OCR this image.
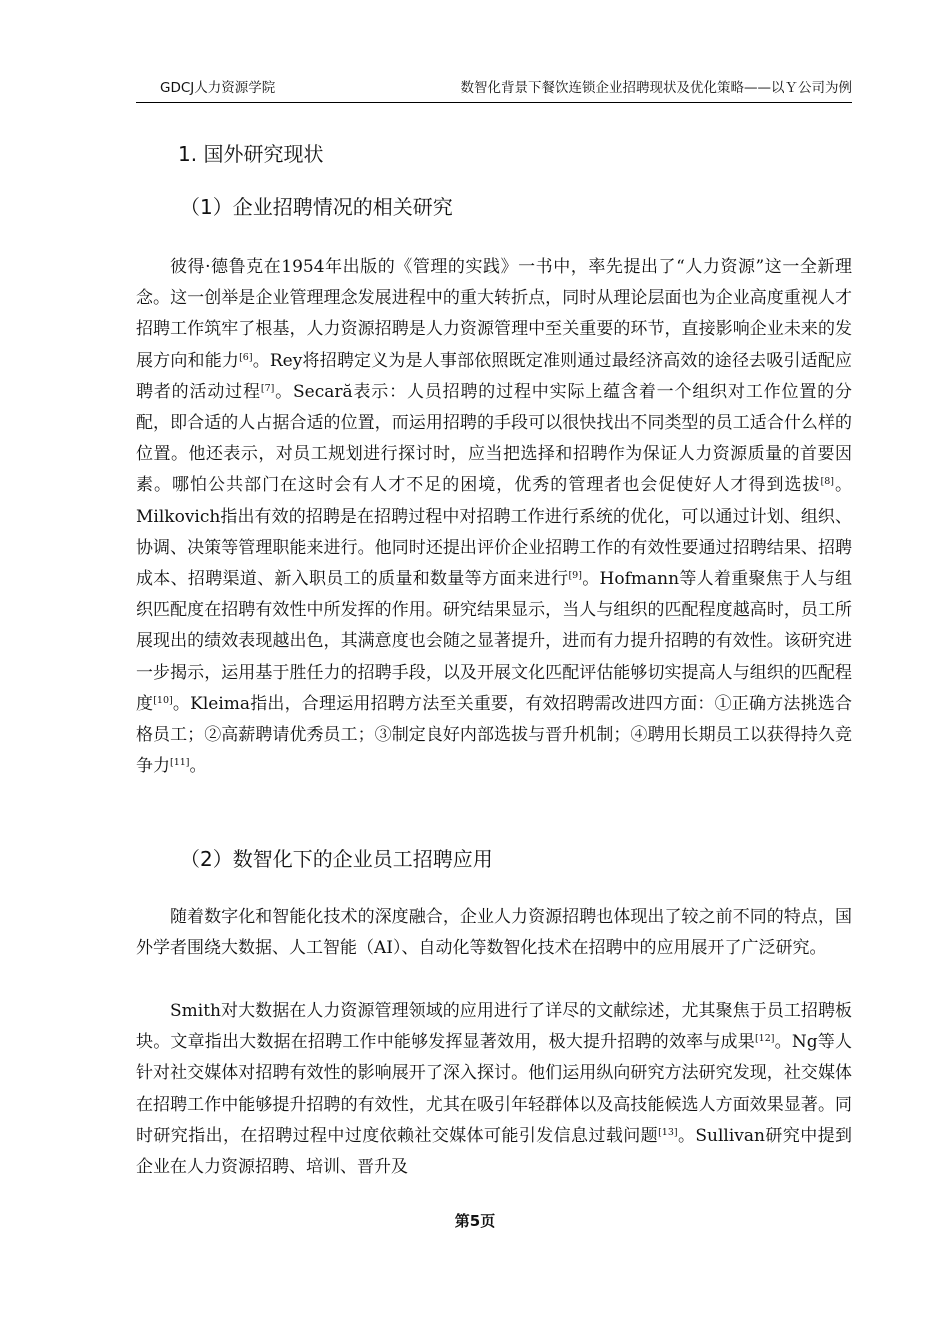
GDCJ人力资源学院	数智化背景下餐饮连锁企业招聘现状及优化策略——以Ｙ公司为例
1. 国外研究现状
（1）企业招聘情况的相关研究

彼得·德鲁克在1954年出版的《管理的实践》一书中，率先提出了“人力资源”这一全新理念。这一创举是企业管理理念发展进程中的重大转折点，同时从理论层面也为企业高度重视人才招聘工作筑牢了根基，人力资源招聘是人力资源管理中至关重要的环节，直接影响企业未来的发展方向和能力[6]。Rey将招聘定义为是人事部依照既定准则通过最经济高效的途径去吸引适配应聘者的活动过程[7]。Secară表示：人员招聘的过程中实际上蕴含着一个组织对工作位置的分配，即合适的人占据合适的位置，而运用招聘的手段可以很快找出不同类型的员工适合什么样的位置。他还表示，对员工规划进行探讨时，应当把选择和招聘作为保证人力资源质量的首要因素。哪怕公共部门在这时会有人才不足的困境，优秀的管理者也会促使好人才得到选拔[8]。Milkovich指出有效的招聘是在招聘过程中对招聘工作进行系统的优化，可以通过计划、组织、协调、决策等管理职能来进行。他同时还提出评价企业招聘工作的有效性要通过招聘结果、招聘成本、招聘渠道、新入职员工的质量和数量等方面来进行[9]。Hofmann等人着重聚焦于人与组织匹配度在招聘有效性中所发挥的作用。研究结果显示，当人与组织的匹配程度越高时，员工所展现出的绩效表现越出色，其满意度也会随之显著提升，进而有力提升招聘的有效性。该研究进一步揭示，运用基于胜任力的招聘手段，以及开展文化匹配评估能够切实提高人与组织的匹配程度[10]。Kleima指出，合理运用招聘方法至关重要，有效招聘需改进四方面：①正确方法挑选合格员工；②高薪聘请优秀员工；③制定良好内部选拔与晋升机制；④聘用长期员工以获得持久竞争力[11]。

（2）数智化下的企业员工招聘应用

随着数字化和智能化技术的深度融合，企业人力资源招聘也体现出了较之前不同的特点，国外学者围绕大数据、人工智能（AI）、自动化等数智化技术在招聘中的应用展开了广泛研究。

Smith对大数据在人力资源管理领域的应用进行了详尽的文献综述，尤其聚焦于员工招聘板块。文章指出大数据在招聘工作中能够发挥显著效用，极大提升招聘的效率与成果[12]。Ng等人针对社交媒体对招聘有效性的影响展开了深入探讨。他们运用纵向研究方法研究发现，社交媒体在招聘工作中能够提升招聘的有效性，尤其在吸引年轻群体以及高技能候选人方面效果显著。同时研究指出，在招聘过程中过度依赖社交媒体可能引发信息过载问题[13]。Sullivan研究中提到企业在人力资源招聘、培训、晋升及

第5页
